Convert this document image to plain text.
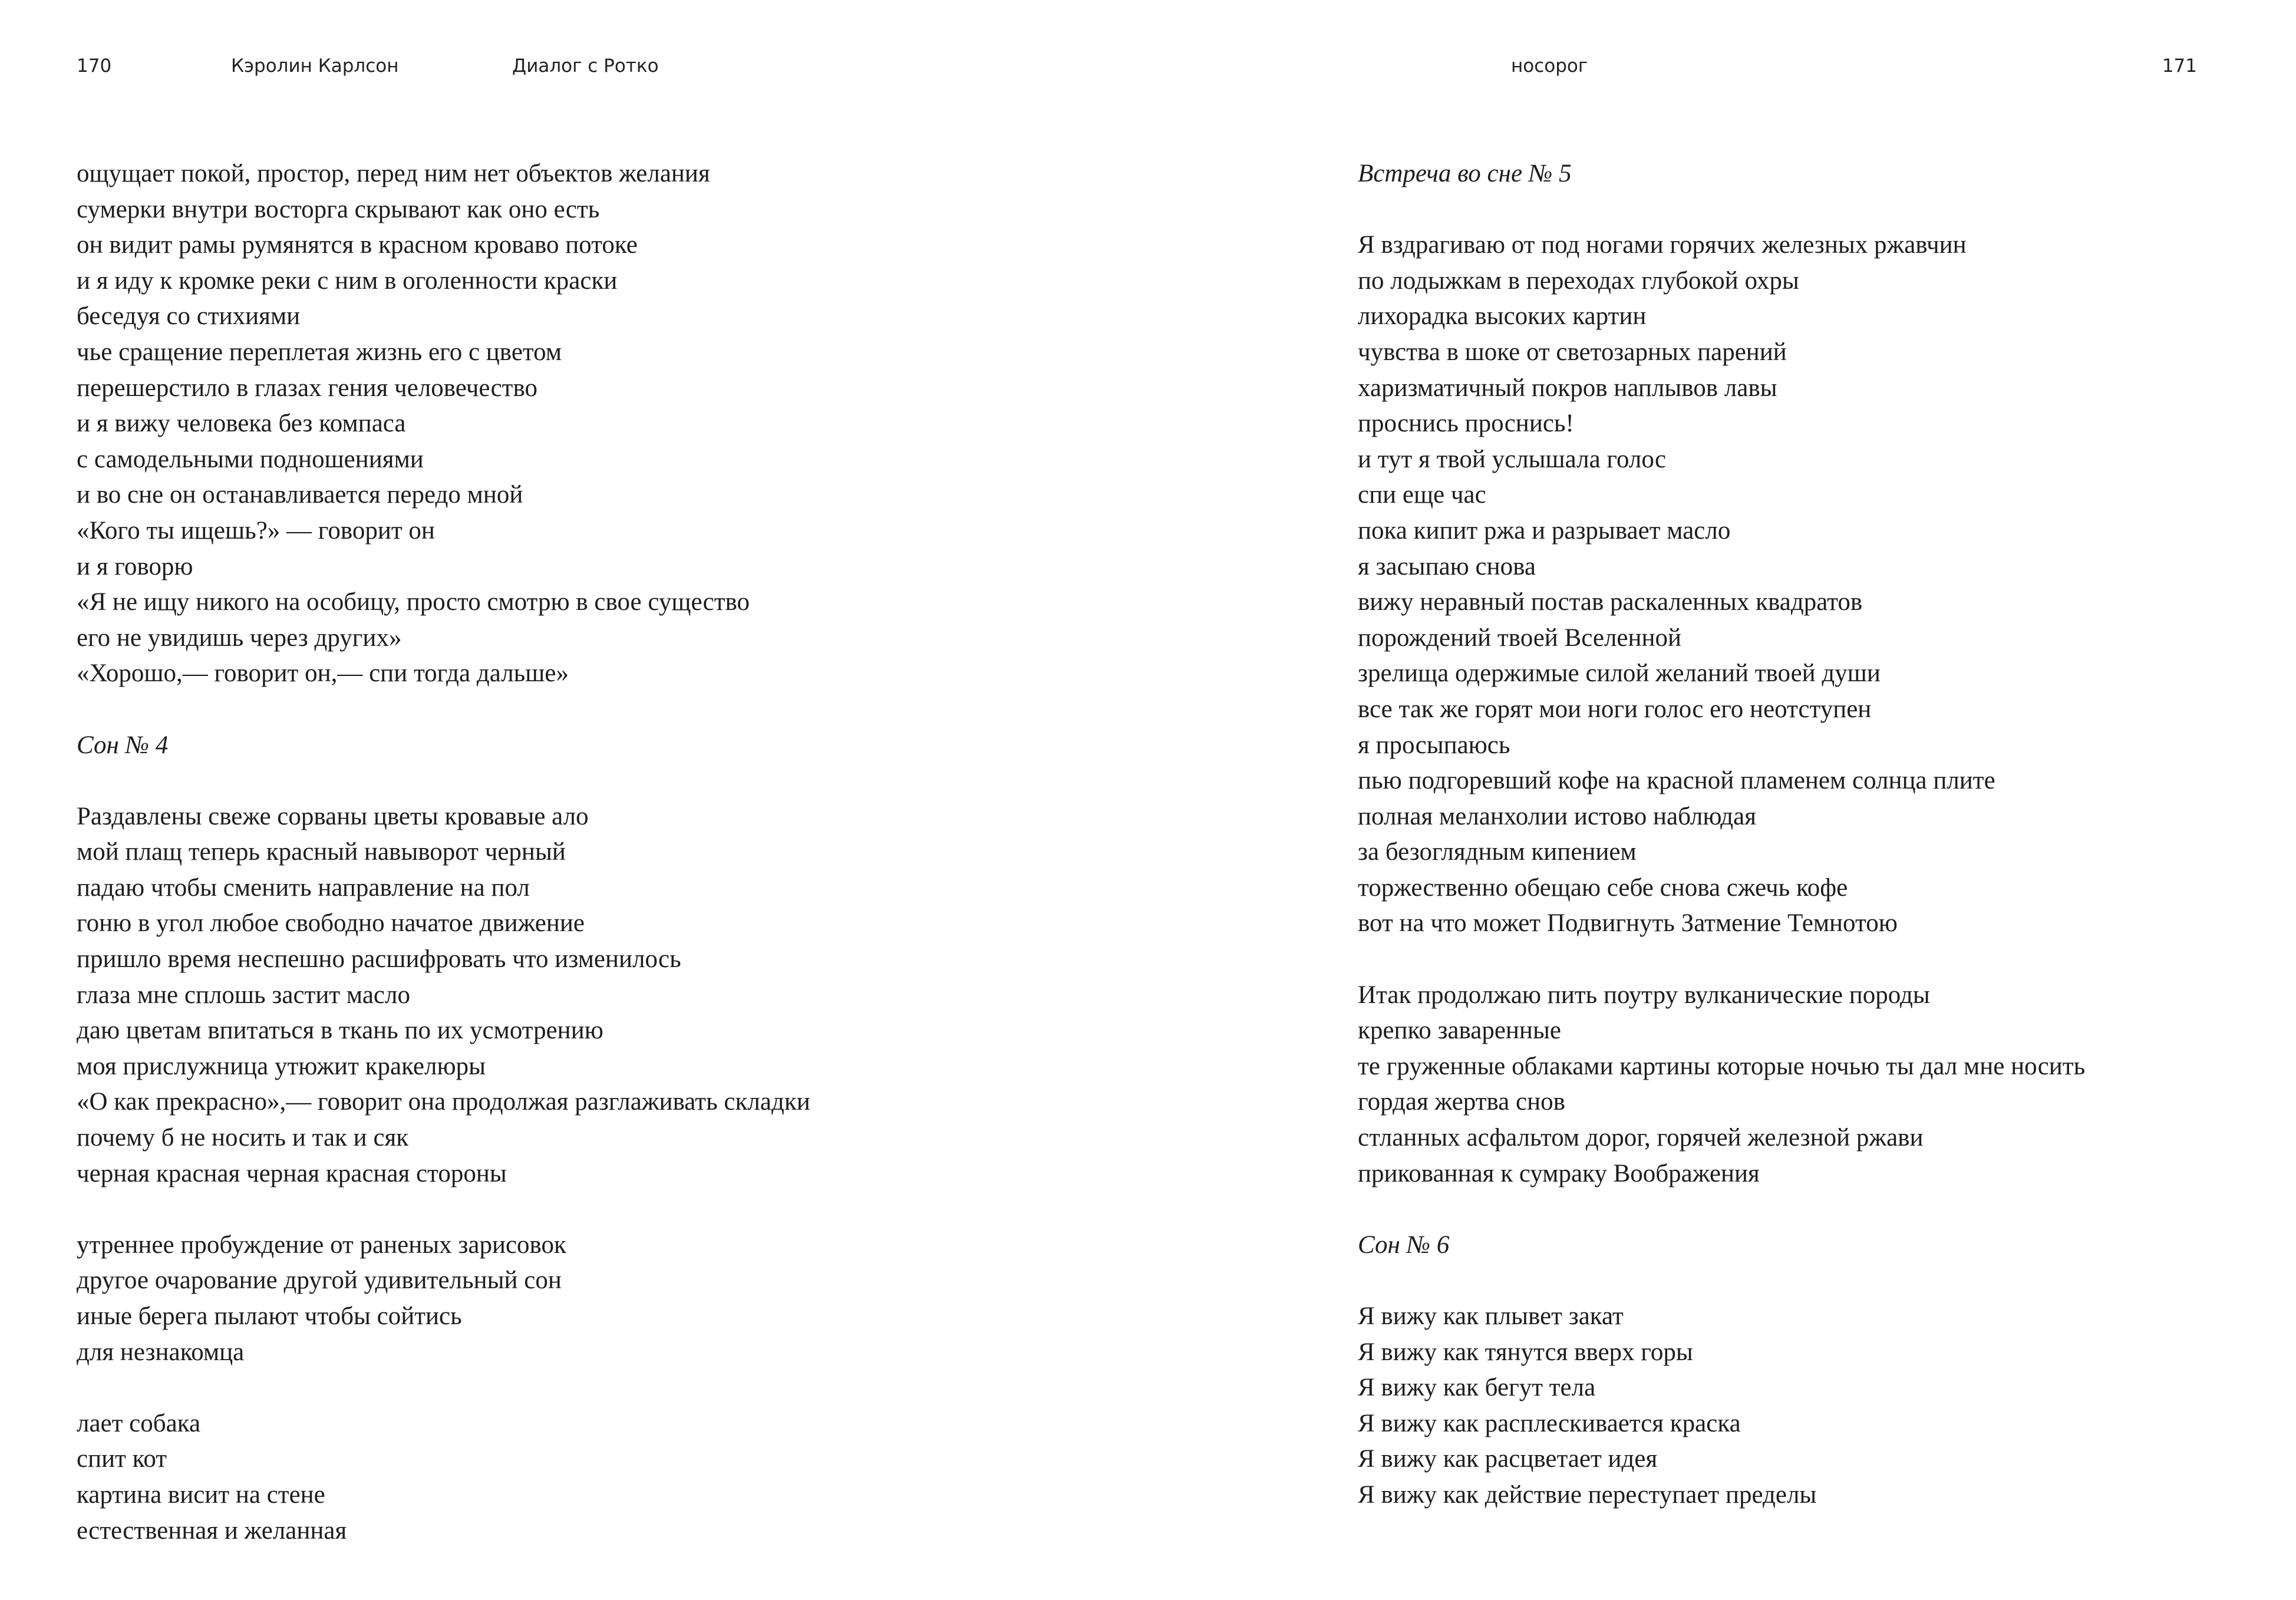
170	Кэролин Карлсон	Диалог с Ротко
ощущает покой, простор, перед ним нет объектов желания
сумерки внутри восторга скрывают как оно есть
он видит рамы румянятся в красном кроваво потоке
и я иду к кромке реки с ним в оголенности краски
беседуя со стихиями
чье сращение переплетая жизнь его с цветом
перешерстило в глазах гения человечество
и я вижу человека без компаса
с самодельными подношениями
и во сне он останавливается передо мной
«Кого ты ищешь?» — говорит он
и я говорю
«Я не ищу никого на особицу, просто смотрю в свое существо
его не увидишь через других»
«Хорошо,— говорит он,— спи тогда дальше»
Сон № 4
Раздавлены свеже сорваны цветы кровавые ало
мой плащ теперь красный навыворот черный
падаю чтобы сменить направление на пол
гоню в угол любое свободно начатое движение
пришло время неспешно расшифровать что изменилось
глаза мне сплошь застит масло
даю цветам впитаться в ткань по их усмотрению
моя прислужница утюжит кракелюры
«О как прекрасно»,— говорит она продолжая разглаживать складки
почему б не носить и так и сяк
черная красная черная красная стороны
утреннее пробуждение от раненых зарисовок
другое очарование другой удивительный сон
иные берега пылают чтобы сойтись
для незнакомца
лает собака
спит кот
картина висит на стене
естественная и желанная
носорог	171
Встреча во сне № 5
Я вздрагиваю от под ногами горячих железных ржавчин
по лодыжкам в переходах глубокой охры
лихорадка высоких картин
чувства в шоке от светозарных парений
харизматичный покров наплывов лавы
проснись проснись!
и тут я твой услышала голос
спи еще час
пока кипит ржа и разрывает масло
я засыпаю снова
вижу неравный постав раскаленных квадратов
порождений твоей Вселенной
зрелища одержимые силой желаний твоей души
все так же горят мои ноги голос его неотступен
я просыпаюсь
пью подгоревший кофе на красной пламенем солнца плите
полная меланхолии истово наблюдая
за безоглядным кипением
торжественно обещаю себе снова сжечь кофе
вот на что может Подвигнуть Затмение Темнотою
Итак продолжаю пить поутру вулканические породы
крепко заваренные
те груженные облаками картины которые ночью ты дал мне носить
гордая жертва снов
стланных асфальтом дорог, горячей железной ржави
прикованная к сумраку Воображения
Сон № 6
Я вижу как плывет закат
Я вижу как тянутся вверх горы
Я вижу как бегут тела
Я вижу как расплескивается краска
Я вижу как расцветает идея
Я вижу как действие переступает пределы
